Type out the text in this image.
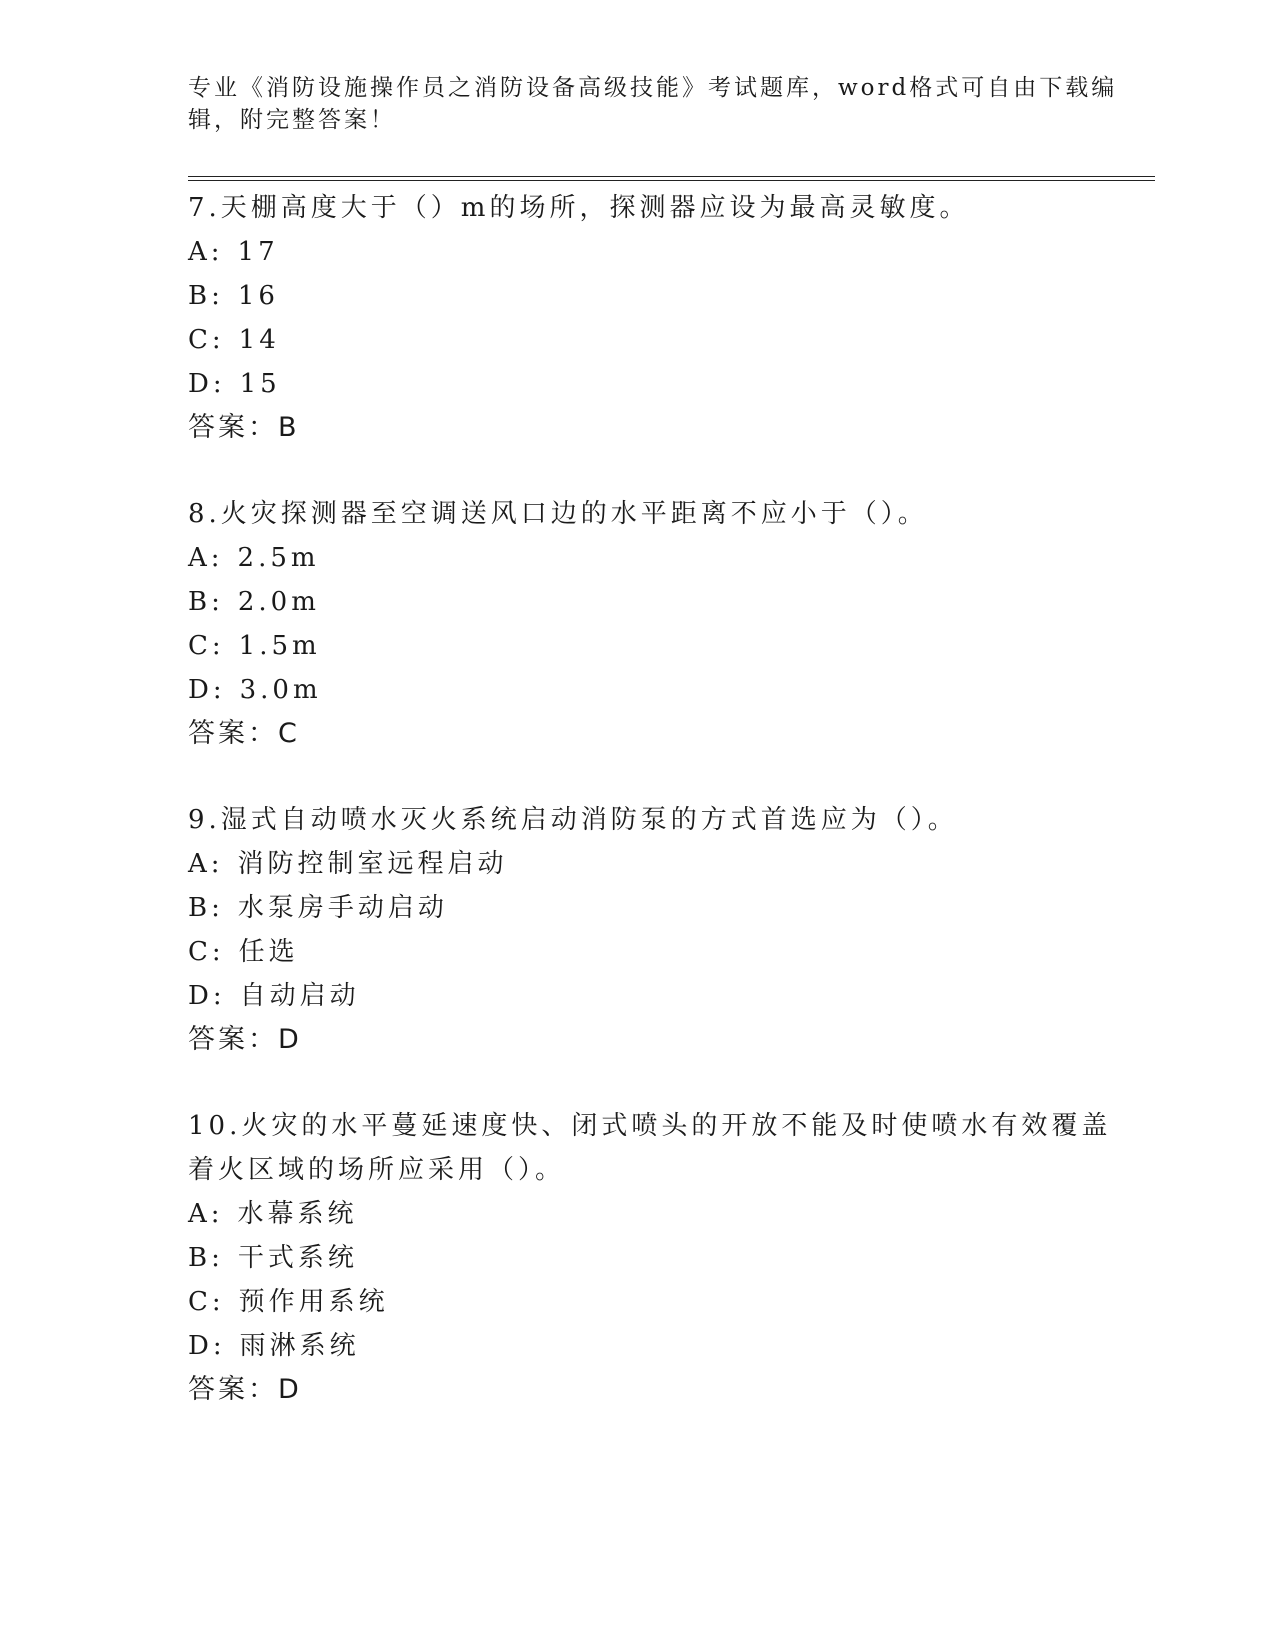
专业《消防设施操作员之消防设备高级技能》考试题库，word格式可自由下载编
辑，附完整答案！
7.天棚高度大于（）m的场所，探测器应设为最高灵敏度。
A: 17
B: 16
C: 14
D: 15
答案：B
8.火灾探测器至空调送风口边的水平距离不应小于（）。
A: 2.5m
B: 2.0m
C: 1.5m
D: 3.0m
答案：C
9.湿式自动喷水灭火系统启动消防泵的方式首选应为（）。
A: 消防控制室远程启动
B: 水泵房手动启动
C: 任选
D: 自动启动
答案：D
10.火灾的水平蔓延速度快、闭式喷头的开放不能及时使喷水有效覆盖
着火区域的场所应采用（）。
A: 水幕系统
B: 干式系统
C: 预作用系统
D: 雨淋系统
答案：D
